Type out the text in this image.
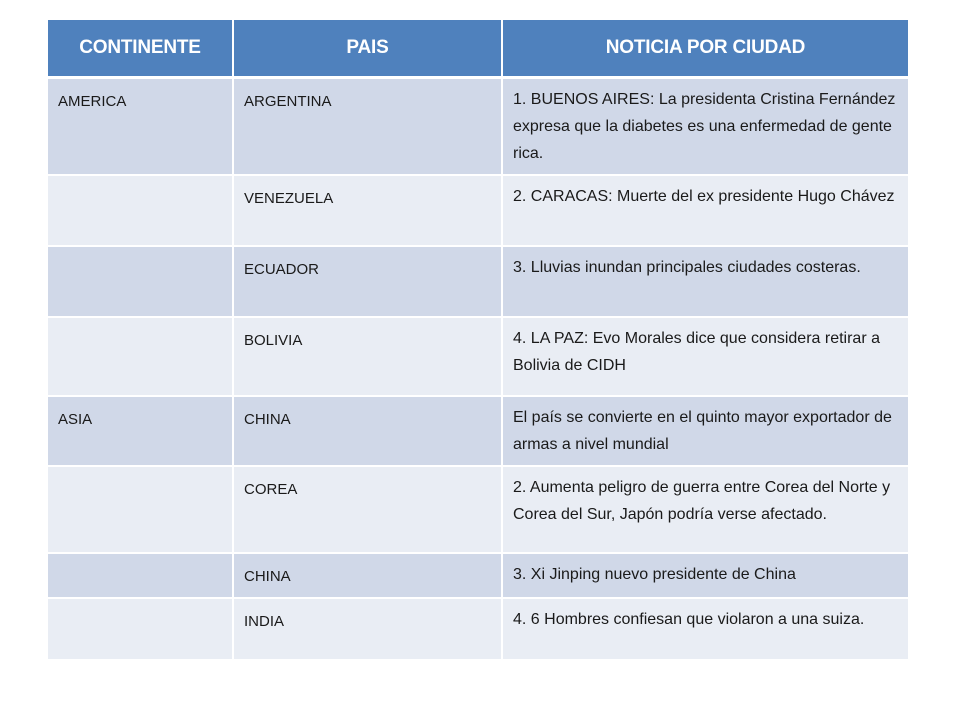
CONTINENTE	PAIS	NOTICIA POR CIUDAD
AMERICA	ARGENTINA	1. BUENOS AIRES: La presidenta Cristina Fernández expresa que la diabetes es una enfermedad de gente rica.
	VENEZUELA	2. CARACAS: Muerte del ex presidente Hugo Chávez
	ECUADOR	3. Lluvias inundan principales ciudades costeras.
	BOLIVIA	4. LA PAZ: Evo Morales dice que considera retirar a Bolivia de CIDH
ASIA	CHINA	El país se convierte en el quinto mayor exportador de armas a nivel mundial
	COREA	2. Aumenta peligro de guerra entre Corea del Norte y Corea del Sur, Japón podría verse afectado.
	CHINA	3. Xi Jinping nuevo presidente de China
	INDIA	4. 6 Hombres confiesan que violaron a una suiza.
